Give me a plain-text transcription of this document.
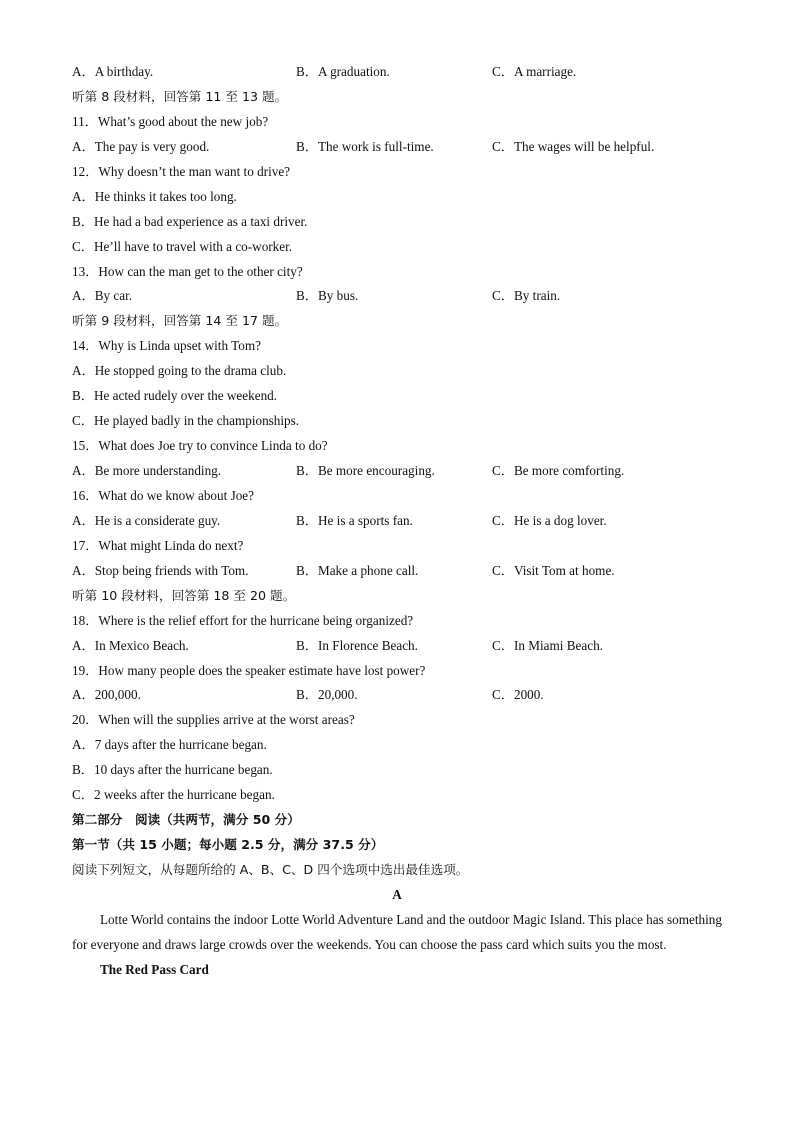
A．A birthday.	B．A graduation.	C．A marriage.
听第 8 段材料，回答第 11 至 13 题。
11．What’s good about the new job?
A．The pay is very good.	B．The work is full-time.	C．The wages will be helpful.
12．Why doesn’t the man want to drive?
A．He thinks it takes too long.
B．He had a bad experience as a taxi driver.
C．He’ll have to travel with a co-worker.
13．How can the man get to the other city?
A．By car.	B．By bus.	C．By train.
听第 9 段材料，回答第 14 至 17 题。
14．Why is Linda upset with Tom?
A．He stopped going to the drama club.
B．He acted rudely over the weekend.
C．He played badly in the championships.
15．What does Joe try to convince Linda to do?
A．Be more understanding.	B．Be more encouraging.	C．Be more comforting.
16．What do we know about Joe?
A．He is a considerate guy.	B．He is a sports fan.	C．He is a dog lover.
17．What might Linda do next?
A．Stop being friends with Tom.	B．Make a phone call.	C．Visit Tom at home.
听第 10 段材料，回答第 18 至 20 题。
18．Where is the relief effort for the hurricane being organized?
A．In Mexico Beach.	B．In Florence Beach.	C．In Miami Beach.
19．How many people does the speaker estimate have lost power?
A．200,000.	B．20,000.	C．2000.
20．When will the supplies arrive at the worst areas?
A．7 days after the hurricane began.
B．10 days after the hurricane began.
C．2 weeks after the hurricane began.
第二部分　阅读（共两节，满分 50 分）
第一节（共 15 小题；每小题 2.5 分，满分 37.5 分）
阅读下列短文，从每题所给的 A、B、C、D 四个选项中选出最佳选项。
A
Lotte World contains the indoor Lotte World Adventure Land and the outdoor Magic Island. This place has something for everyone and draws large crowds over the weekends. You can choose the pass card which suits you the most.
The Red Pass Card
